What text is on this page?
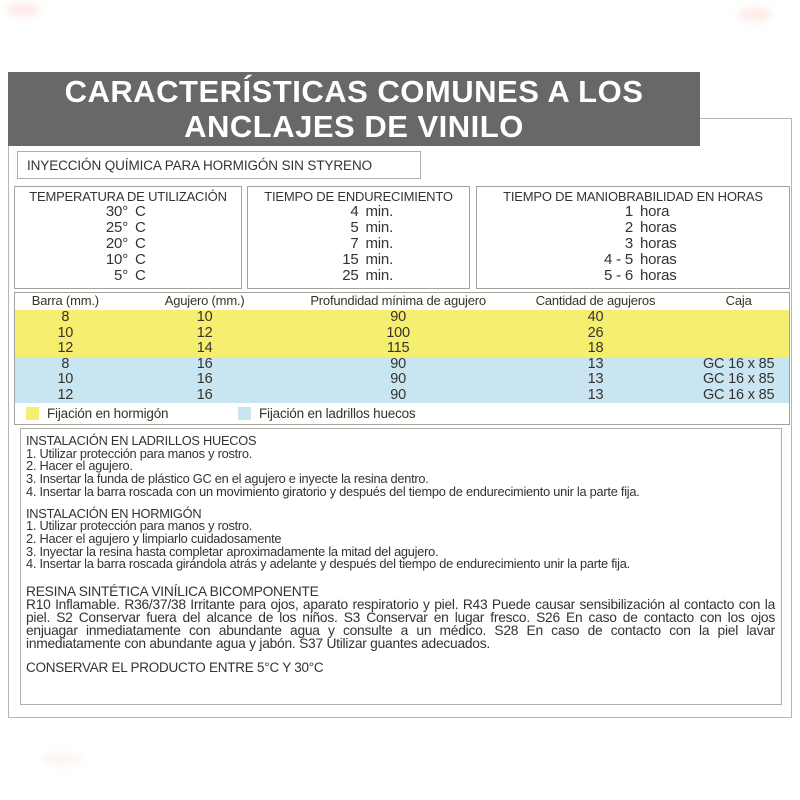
CARACTERÍSTICAS COMUNES A LOS
ANCLAJES DE VINILO
INYECCIÓN QUÍMICA PARA HORMIGÓN SIN STYRENO
TEMPERATURA DE UTILIZACIÓN
30° C
25° C
20° C
10° C
5° C
TIEMPO DE ENDURECIMIENTO
4 min.
5 min.
7 min.
15 min.
25 min.
TIEMPO DE MANIOBRABILIDAD EN HORAS
1 hora
2 horas
3 horas
4 - 5 horas
5 - 6 horas
Barra (mm.)	Agujero (mm.)	Profundidad mínima de agujero	Cantidad de agujeros	Caja
8	10	90	40
10	12	100	26
12	14	115	18
8	16	90	13	GC 16 x 85
10	16	90	13	GC 16 x 85
12	16	90	13	GC 16 x 85
Fijación en hormigón	Fijación en ladrillos huecos
INSTALACIÓN EN LADRILLOS HUECOS
1. Utilizar protección para manos y rostro.
2. Hacer el agujero.
3. Insertar la funda de plástico GC en el agujero e inyecte la resina dentro.
4. Insertar la barra roscada con un movimiento giratorio y después del tiempo de endurecimiento unir la parte fija.
INSTALACIÓN EN HORMIGÓN
1. Utilizar protección para manos y rostro.
2. Hacer el agujero y limpiarlo cuidadosamente
3. Inyectar la resina hasta completar aproximadamente la mitad del agujero.
4. Insertar la barra roscada girándola atrás y adelante y después del tiempo de endurecimiento unir la parte fija.
RESINA SINTÉTICA VINÍLICA BICOMPONENTE
R10 Inflamable. R36/37/38 Irritante para ojos, aparato respiratorio y piel. R43 Puede causar sensibilización al contacto con la piel. S2 Conservar fuera del alcance de los niños. S3 Conservar en lugar fresco. S26 En caso de contacto con los ojos enjuagar inmediatamente con abundante agua y consulte a un médico. S28 En caso de contacto con la piel lavar inmediatamente con abundante agua y jabón. S37 Utilizar guantes adecuados.
CONSERVAR EL PRODUCTO ENTRE 5°C Y 30°C
